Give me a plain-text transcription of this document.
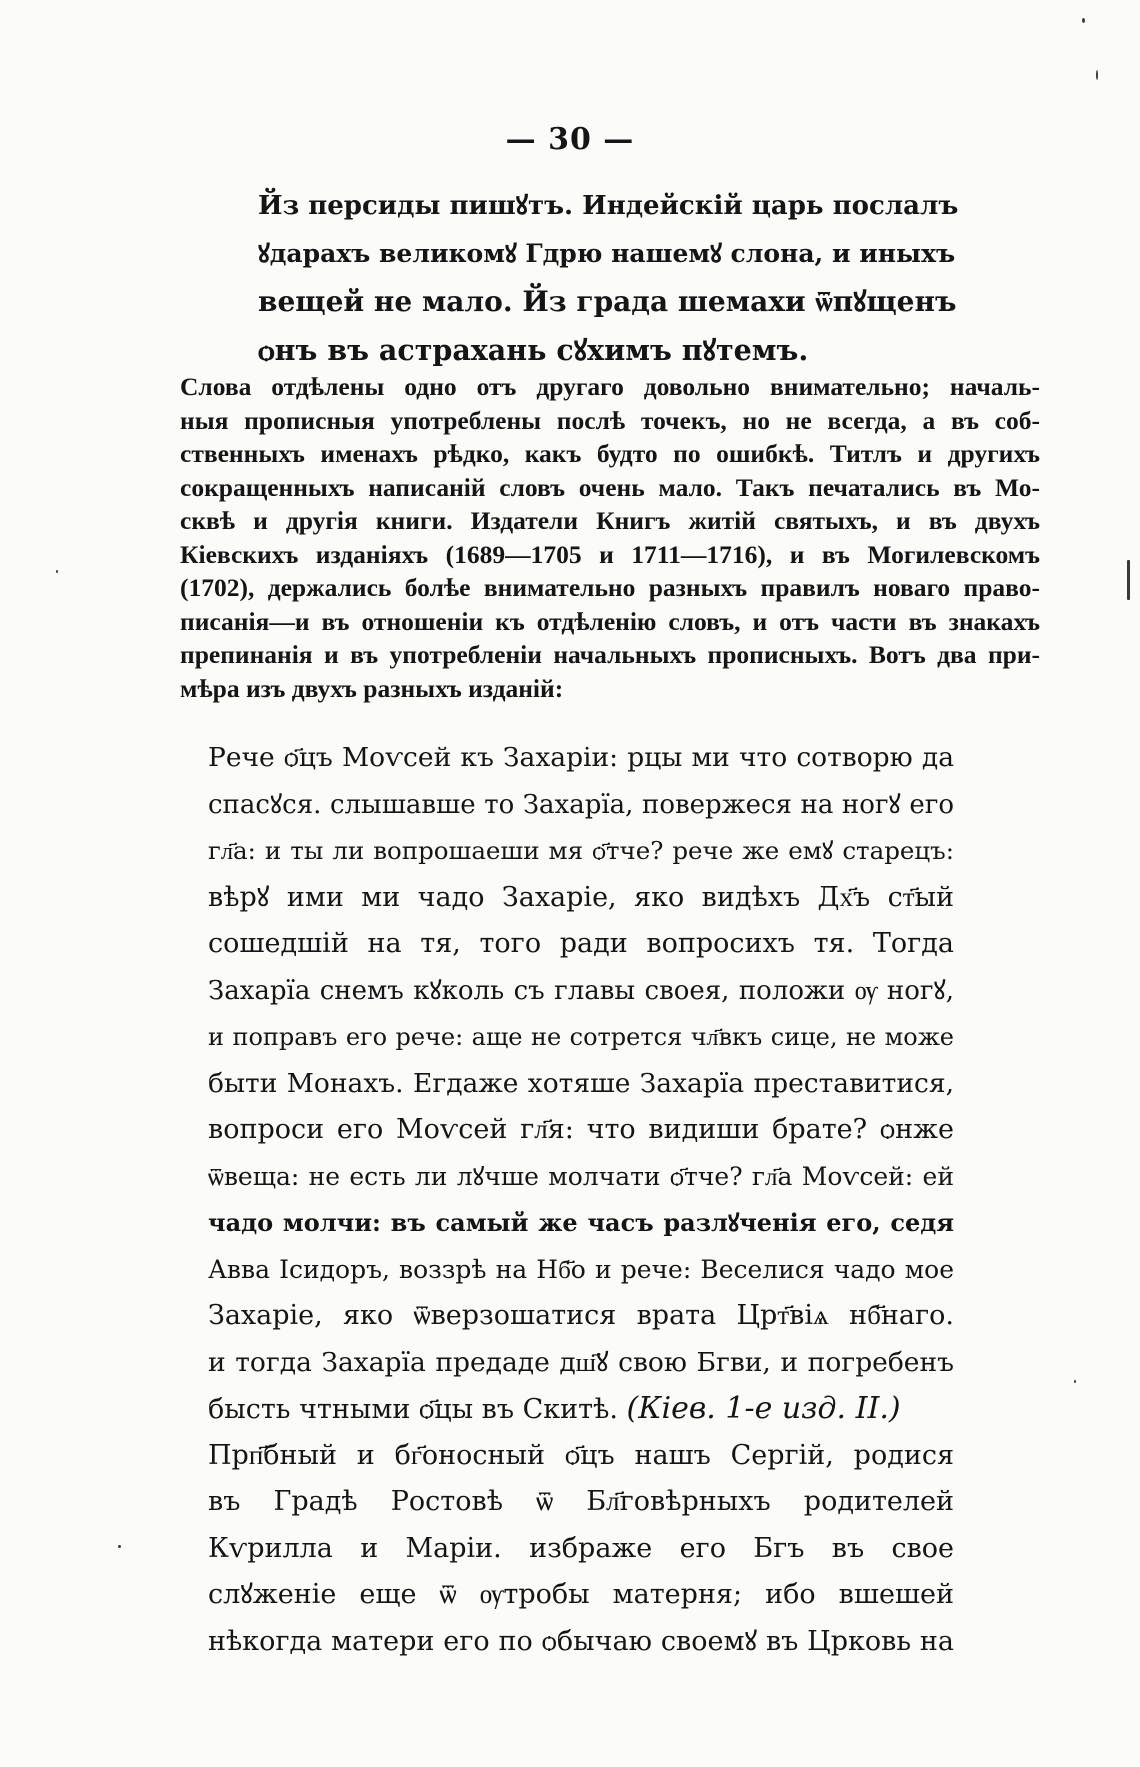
— 30 —
Йз персиды пишꙋтъ. Индейскій царь послалъ
ꙋдарахъ великомꙋ Гдрю нашемꙋ слона, и иныхъ
вещей не мало. Йз града шемахи ѿпꙋщенъ
ѻнъ въ астрахань сꙋхимъ пꙋтемъ.
Слова отдѣлены одно отъ другаго довольно внимательно; началь-
ныя прописныя употреблены послѣ точекъ, но не всегда, а въ соб-
ственныхъ именахъ рѣдко, какъ будто по ошибкѣ. Титлъ и другихъ
сокращенныхъ написаній словъ очень мало. Такъ печатались въ Мо-
сквѣ и другія книги. Издатели Книгъ житій святыхъ, и въ двухъ
Кіевскихъ изданіяхъ (1689—1705 и 1711—1716), и въ Могилевскомъ
(1702), держались болѣе внимательно разныхъ правилъ новаго право-
писанія—и въ отношеніи къ отдѣленію словъ, и отъ части въ знакахъ
препинанія и въ употребленіи начальныхъ прописныхъ. Вотъ два при-
мѣра изъ двухъ разныхъ изданій:
Рече ѻ҃цъ Моѵсей къ Захаріи: рцы ми что сотворю да
спасꙋся. слышавше то Захарїа, повержеся на ногꙋ его
гл҃а: и ты ли вопрошаеши мя ѻ҃тче? рече же емꙋ старецъ:
вѣрꙋ ими ми чадо Захаріе, яко видѣхъ Дх҃ъ ст҃ый
сошедшій на тя, того ради вопросихъ тя. Тогда
Захарїа снемъ кꙋколь съ главы своея, положи ѹ ногꙋ,
и поправъ его рече: аще не сотрется чл҃вкъ сице, не може
быти Монахъ. Егдаже хотяше Захарїа преставитися,
вопроси его Моѵсей гл҃я: что видиши брате? ѻнже
ѿвеща: не есть ли лꙋчше молчати ѻ҃тче? гл҃а Моѵсей: ей
чадо молчи: въ самый же часъ разлꙋченія его, седя
Авва Ісидоръ, воззрѣ на Нб҃о и рече: Веселися чадо мое
Захаріе, яко ѿверзошатися врата Црт҃віѧ нб҃наго.
и тогда Захарїа предаде дш҃ꙋ свою Бгви, и погребенъ
бысть чтными ѻ҃цы въ Скитѣ. (Кіев. 1-е изд. II.)
Прп҃бный и бг҃оносный ѻ҃цъ нашъ Сергій, родися
въ Градѣ Ростовѣ ѿ Бл҃говѣрныхъ родителей
Кѵрилла и Маріи. избраже его Бгъ въ свое
слꙋженіе еще ѿ ѹтробы матерня; ибо вшешей
нѣкогда матери его по ѻбычаю своемꙋ въ Црковь на
